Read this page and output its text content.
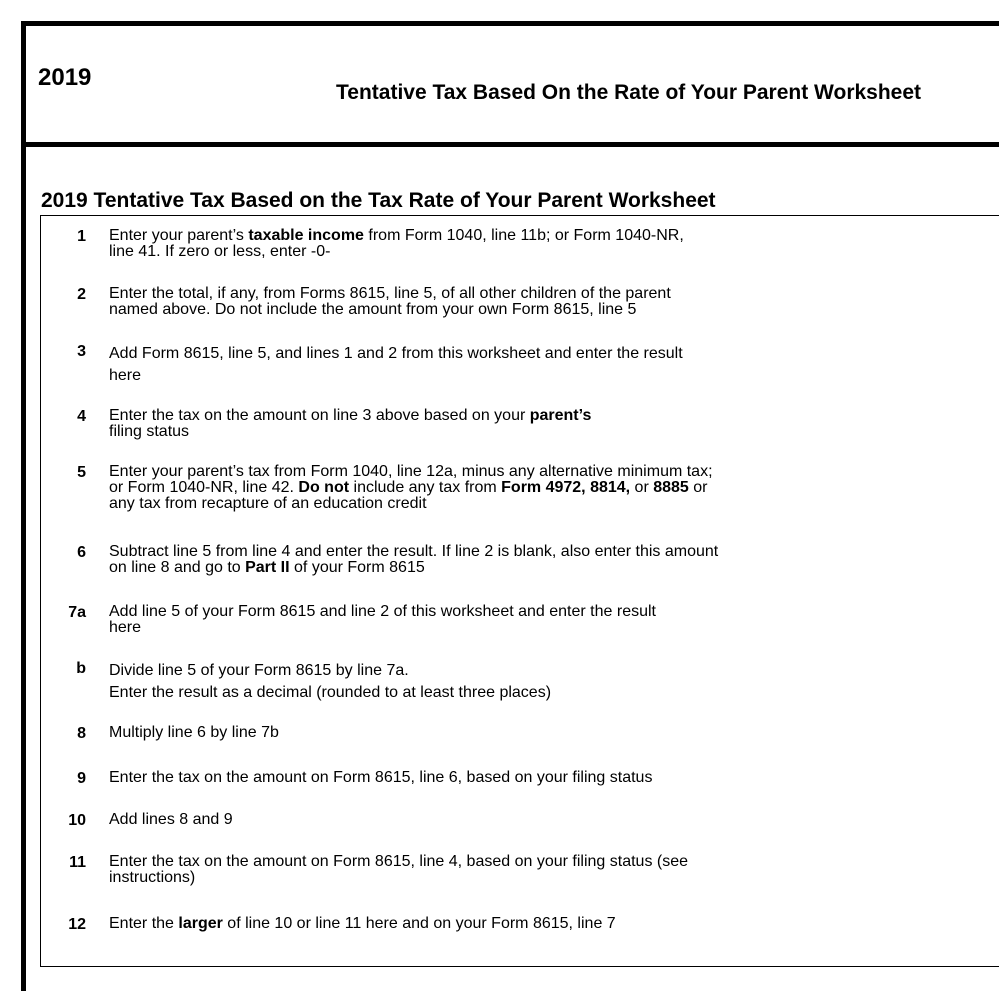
2019
Tentative Tax Based On the Rate of Your Parent Worksheet
2019 Tentative Tax Based on the Tax Rate of Your Parent Worksheet
1 Enter your parent’s taxable income from Form 1040, line 11b; or Form 1040-NR,
line 41. If zero or less, enter -0-
2 Enter the total, if any, from Forms 8615, line 5, of all other children of the parent
named above. Do not include the amount from your own Form 8615, line 5
3 Add Form 8615, line 5, and lines 1 and 2 from this worksheet and enter the result
here
4 Enter the tax on the amount on line 3 above based on your parent’s
filing status
5 Enter your parent’s tax from Form 1040, line 12a, minus any alternative minimum tax;
or Form 1040-NR, line 42. Do not include any tax from Form 4972, 8814, or 8885 or
any tax from recapture of an education credit
6 Subtract line 5 from line 4 and enter the result. If line 2 is blank, also enter this amount
on line 8 and go to Part II of your Form 8615
7a Add line 5 of your Form 8615 and line 2 of this worksheet and enter the result
here
b Divide line 5 of your Form 8615 by line 7a.
Enter the result as a decimal (rounded to at least three places)
8 Multiply line 6 by line 7b
9 Enter the tax on the amount on Form 8615, line 6, based on your filing status
10 Add lines 8 and 9
11 Enter the tax on the amount on Form 8615, line 4, based on your filing status (see
instructions)
12 Enter the larger of line 10 or line 11 here and on your Form 8615, line 7
